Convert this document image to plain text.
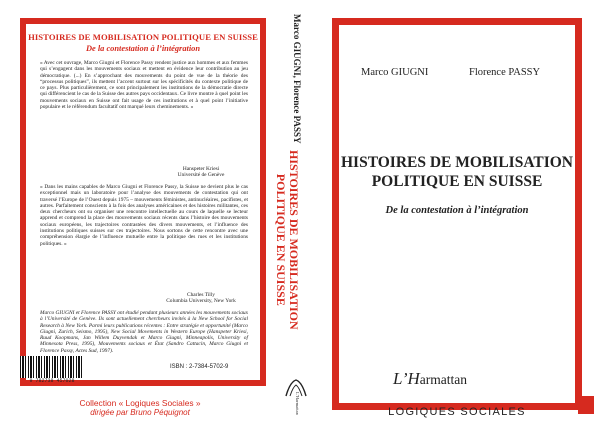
HISTOIRES DE MOBILISATION POLITIQUE EN SUISSE
De la contestation à l’intégration
« Avec cet ouvrage, Marco Giugni et Florence Passy rendent justice aux hommes et aux femmes qui s’engagent dans les mouvements sociaux et mettent en évidence leur contribution au jeu démocratique. (...) En s’approchant des mouvements du point de vue de la théorie des “processus politiques”, ils mettent l’accent surtout sur les spécificités du contexte politique de ce pays. Plus particulièrement, ce sont principalement les institutions de la démocratie directe qui différencient le cas de la Suisse des autres pays occidentaux. Ce livre montre à quel point les mouvements sociaux en Suisse ont fait usage de ces institutions et à quel point l’initiative populaire et le référendum facultatif ont marqué leurs cheminements. »
Hanspeter Kriesi
Université de Genève
« Dans les mains capables de Marco Giugni et Florence Passy, la Suisse ne devient plus le cas exceptionnel mais un laboratoire pour l’analyse des mouvements de contestation qui ont traversé l’Europe de l’Ouest depuis 1975 – mouvements féministes, antinucléaires, pacifistes, et autres. Parfaitement conscients à la fois des analyses américaines et des histoires militantes, ces deux chercheurs ont su organiser une rencontre intellectuelle au cours de laquelle se lecteur apprend et comprend la place des mouvements sociaux récents dans l’histoire des mouvements sociaux européens, les trajectoires contrastées des divers mouvements, et l’influence des institutions politiques suisses sur ces trajectoires. Nous sortons de cette rencontre avec une compréhension élargie de l’influence mutuelle entre la politique des rues et les institutions politiques. »
Charles Tilly
Columbia University, New York
Marco GIUGNI et Florence PASSY ont étudié pendant plusieurs années les mouvements sociaux à l’Université de Genève. Ils sont actuellement chercheurs invités à la New School for Social Research à New York. Parmi leurs publications récentes : Entre stratégie et opportunité (Marco Giugni, Zurich, Seismo, 1995), New Social Movements in Western Europe (Hanspeter Kriesi, Ruud Koopmans, Jan Willem Duyvendak et Marco Giugni, Minneapolis, University of Minnesota Press, 1995), Mouvements sociaux et État (Sandro Cattacin, Marco Giugni et Florence Passy, Actes Sud, 1997).
9 782738 457028
ISBN : 2-7384-5702-9
Collection « Logiques Sociales »
dirigée par Bruno Péquignot
Marco GIUGNI, Florence PASSY
HISTOIRES DE MOBILISATION
POLITIQUE EN SUISSE
L’Harmattan
Marco GIUGNI	Florence PASSY
HISTOIRES DE MOBILISATION
POLITIQUE EN SUISSE
De la contestation à l’intégration
L’Harmattan
LOGIQUES SOCIALES
